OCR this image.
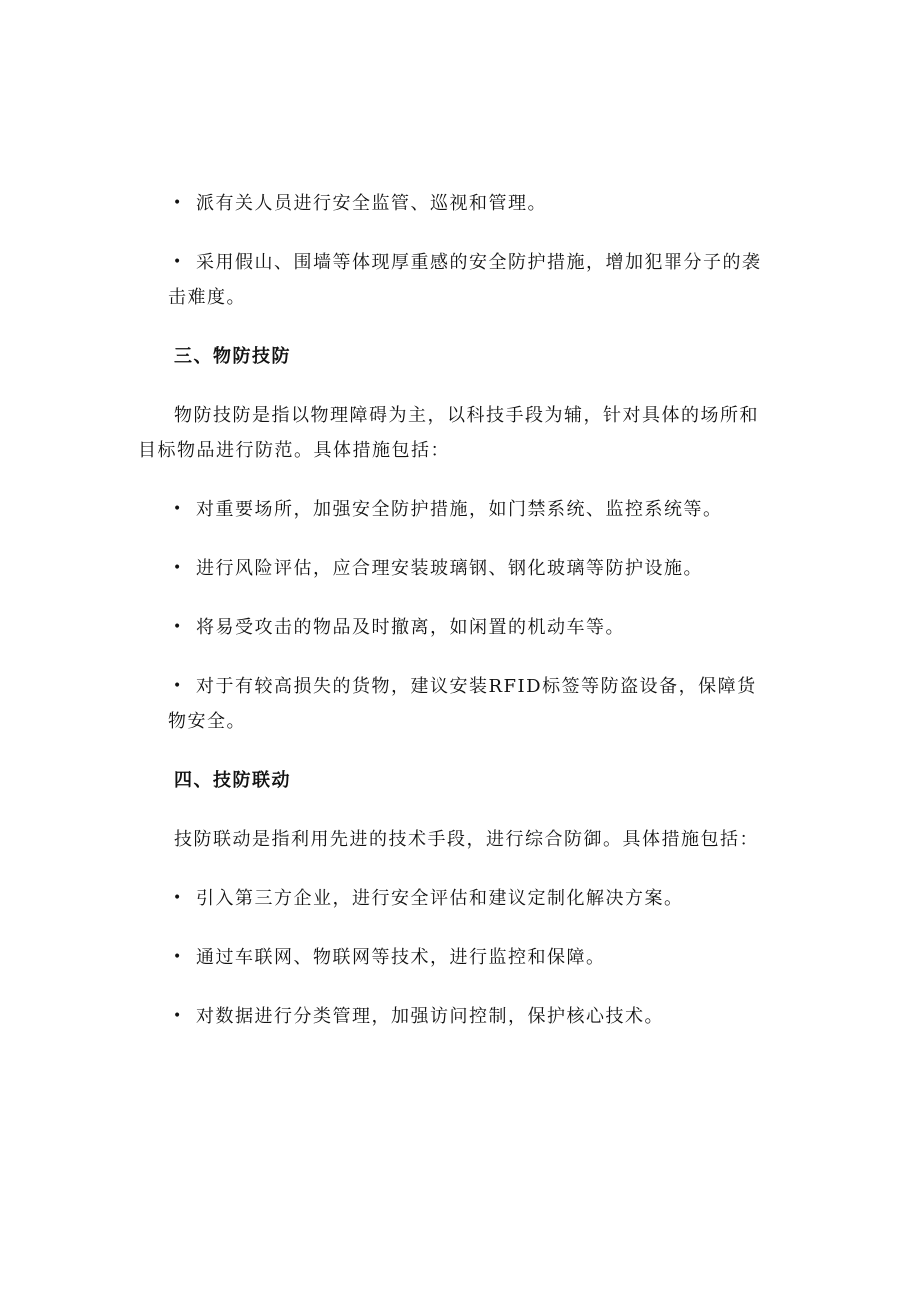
• 派有关人员进行安全监管、巡视和管理。
• 采用假山、围墙等体现厚重感的安全防护措施，增加犯罪分子的袭
击难度。
三、物防技防
物防技防是指以物理障碍为主，以科技手段为辅，针对具体的场所和
目标物品进行防范。具体措施包括：
• 对重要场所，加强安全防护措施，如门禁系统、监控系统等。
• 进行风险评估，应合理安装玻璃钢、钢化玻璃等防护设施。
• 将易受攻击的物品及时撤离，如闲置的机动车等。
• 对于有较高损失的货物，建议安装RFID标签等防盗设备，保障货
物安全。
四、技防联动
技防联动是指利用先进的技术手段，进行综合防御。具体措施包括：
• 引入第三方企业，进行安全评估和建议定制化解决方案。
• 通过车联网、物联网等技术，进行监控和保障。
• 对数据进行分类管理，加强访问控制，保护核心技术。
